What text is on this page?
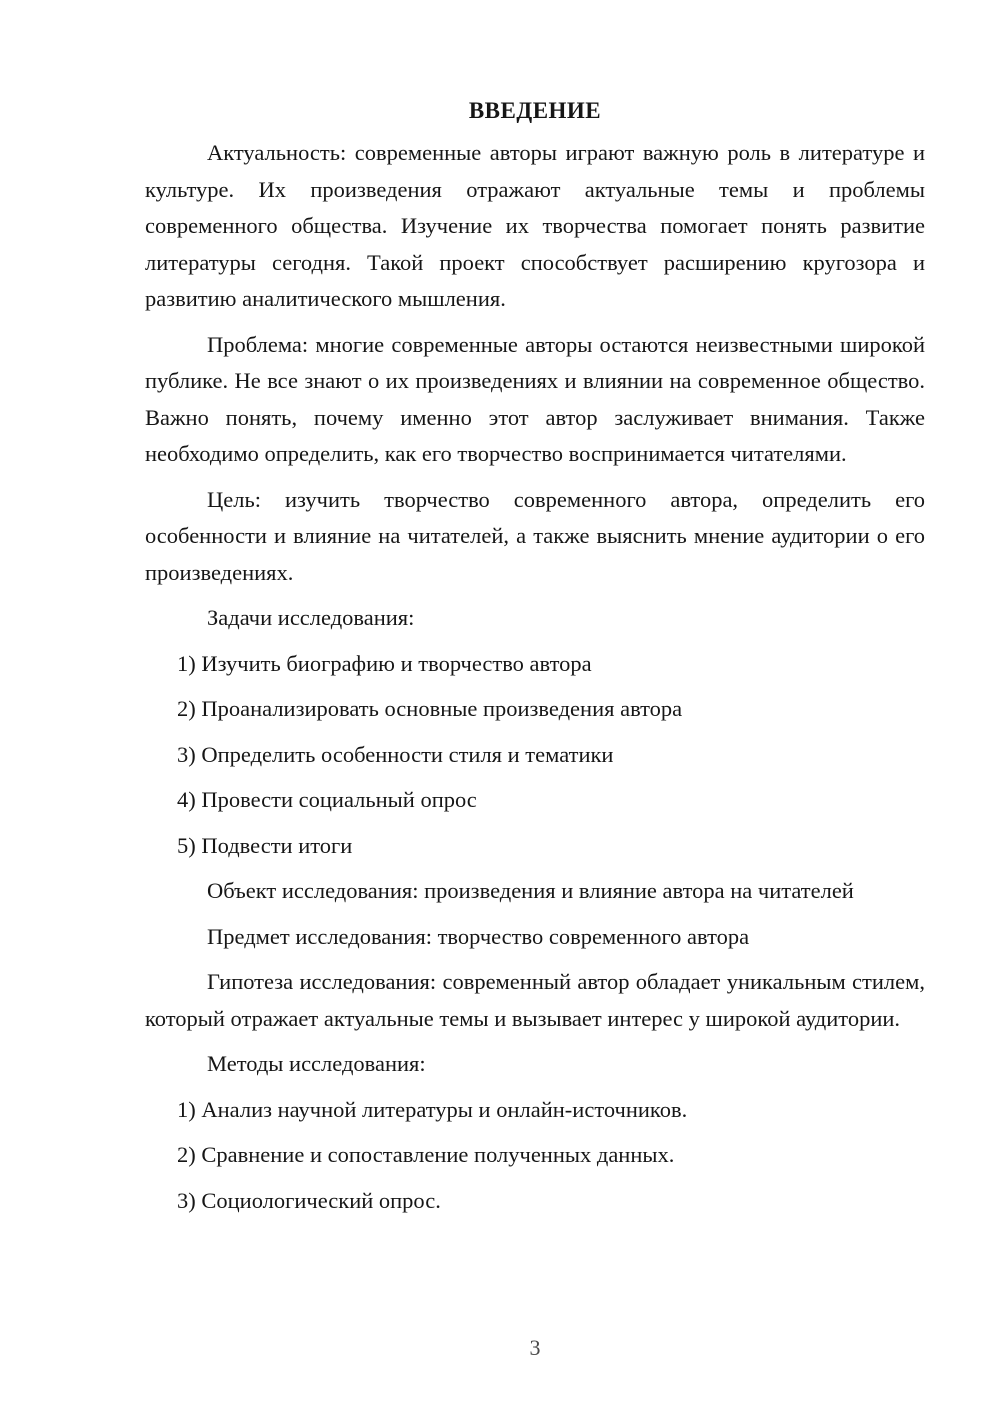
ВВЕДЕНИЕ

Актуальность: современные авторы играют важную роль в литературе и культуре. Их произведения отражают актуальные темы и проблемы современного общества. Изучение их творчества помогает понять развитие литературы сегодня. Такой проект способствует расширению кругозора и развитию аналитического мышления.

Проблема: многие современные авторы остаются неизвестными широкой публике. Не все знают о их произведениях и влиянии на современное общество. Важно понять, почему именно этот автор заслуживает внимания. Также необходимо определить, как его творчество воспринимается читателями.

Цель: изучить творчество современного автора, определить его особенности и влияние на читателей, а также выяснить мнение аудитории о его произведениях.

Задачи исследования:

1) Изучить биографию и творчество автора

2) Проанализировать основные произведения автора

3) Определить особенности стиля и тематики

4) Провести социальный опрос

5) Подвести итоги

Объект исследования: произведения и влияние автора на читателей

Предмет исследования: творчество современного автора

Гипотеза исследования: современный автор обладает уникальным стилем, который отражает актуальные темы и вызывает интерес у широкой аудитории.

Методы исследования:

1) Анализ научной литературы и онлайн-источников.

2) Сравнение и сопоставление полученных данных.

3) Социологический опрос.

3
